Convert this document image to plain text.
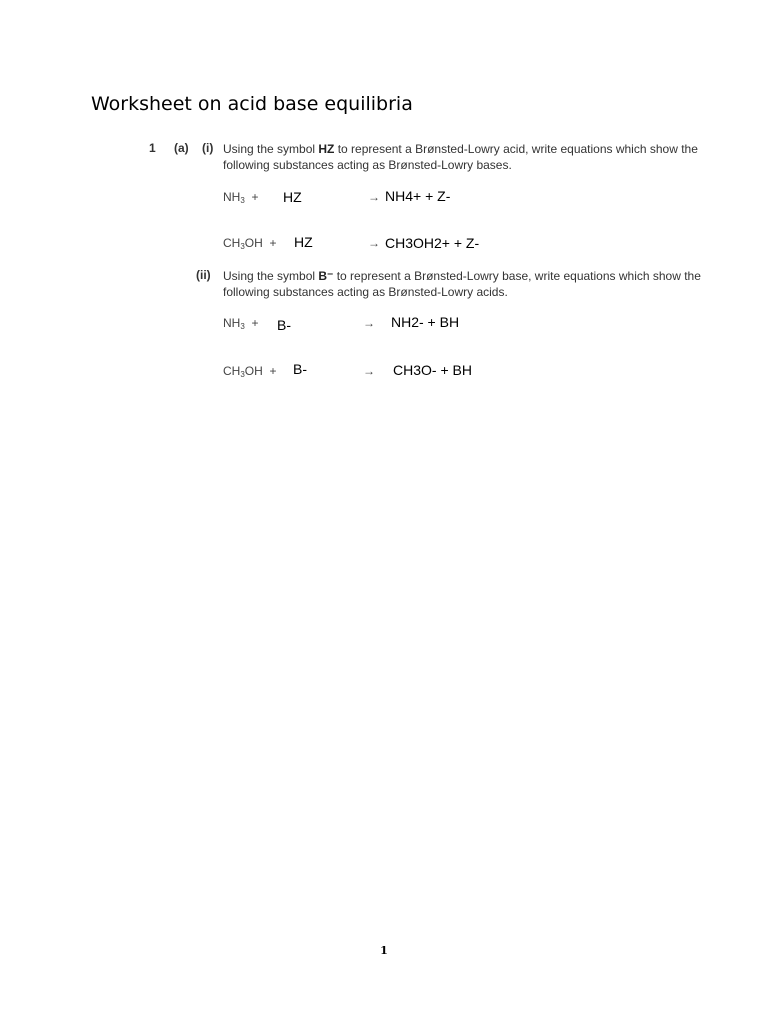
Worksheet on acid base equilibria
1 (a) (i) Using the symbol HZ to represent a Brønsted-Lowry acid, write equations which show the following substances acting as Brønsted-Lowry bases.
$NH_3$ + HZ	→ NH4+ + Z-
$CH_3OH$ + HZ	→ CH3OH2+ + Z-
(ii) Using the symbol B⁻ to represent a Brønsted-Lowry base, write equations which show the following substances acting as Brønsted-Lowry acids.
$NH_3 + B-$	→ NH2- + BH
$CH_3OH + B-$	→ CH3O- + BH
1
